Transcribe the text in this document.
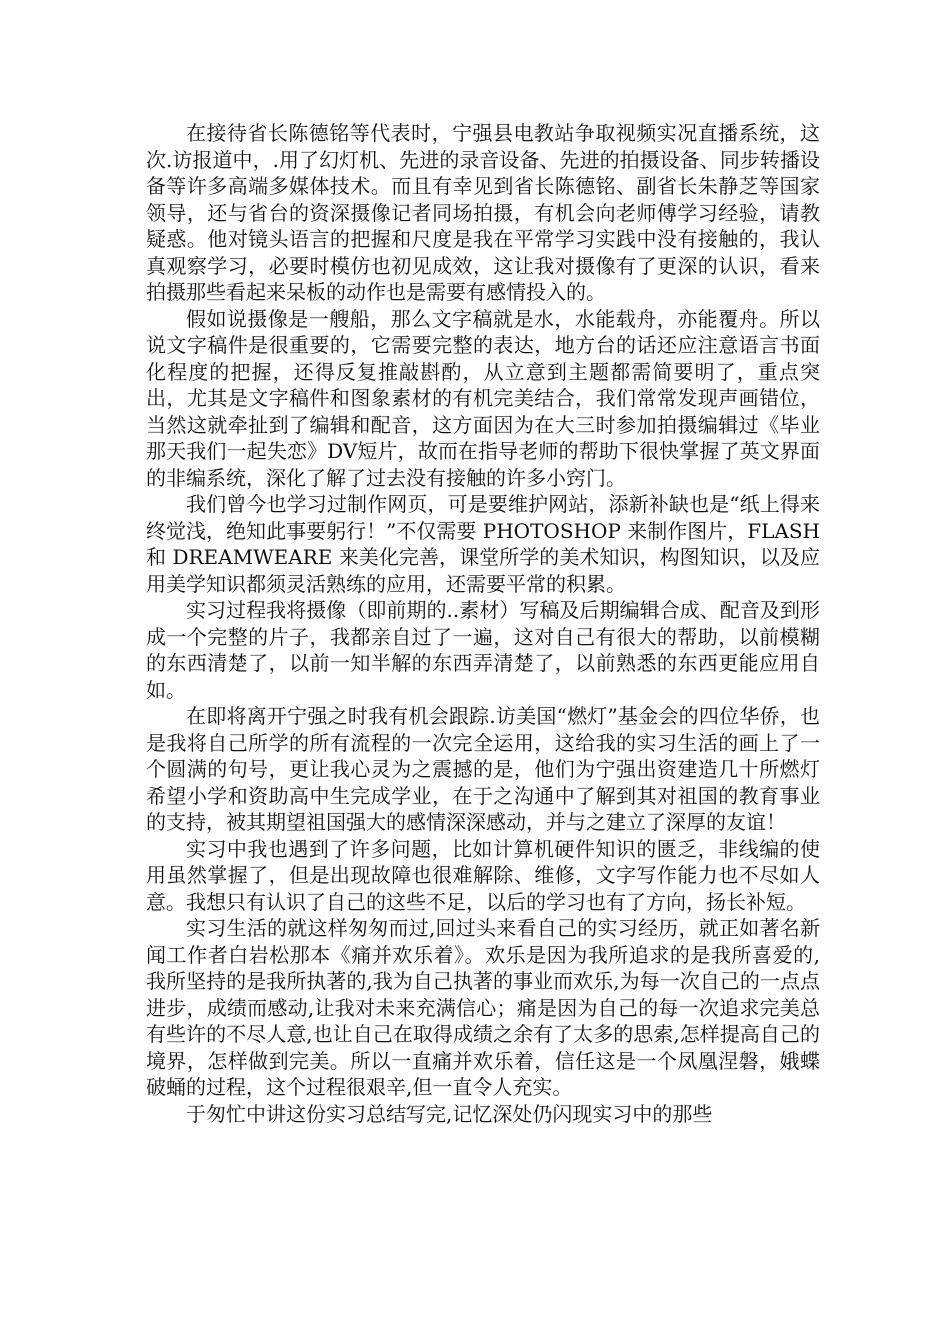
在接待省长陈德铭等代表时，宁强县电教站争取视频实况直播系统，这次.访报道中，.用了幻灯机、先进的录音设备、先进的拍摄设备、同步转播设备等许多高端多媒体技术。而且有幸见到省长陈德铭、副省长朱静芝等国家领导，还与省台的资深摄像记者同场拍摄，有机会向老师傅学习经验，请教疑惑。他对镜头语言的把握和尺度是我在平常学习实践中没有接触的，我认真观察学习，必要时模仿也初见成效，这让我对摄像有了更深的认识，看来拍摄那些看起来呆板的动作也是需要有感情投入的。

假如说摄像是一艘船，那么文字稿就是水，水能载舟，亦能覆舟。所以说文字稿件是很重要的，它需要完整的表达，地方台的话还应注意语言书面化程度的把握，还得反复推敲斟酌，从立意到主题都需简要明了，重点突出，尤其是文字稿件和图象素材的有机完美结合，我们常常发现声画错位，当然这就牵扯到了编辑和配音，这方面因为在大三时参加拍摄编辑过《毕业那天我们一起失恋》DV短片，故而在指导老师的帮助下很快掌握了英文界面的非编系统，深化了解了过去没有接触的许多小窍门。

我们曾今也学习过制作网页，可是要维护网站，添新补缺也是“纸上得来终觉浅，绝知此事要躬行！”不仅需要 PHOTOSHOP 来制作图片，FLASH 和 DREAMWEARE 来美化完善，课堂所学的美术知识，构图知识，以及应用美学知识都须灵活熟练的应用，还需要平常的积累。

实习过程我将摄像（即前期的..素材）写稿及后期编辑合成、配音及到形成一个完整的片子，我都亲自过了一遍，这对自己有很大的帮助，以前模糊的东西清楚了，以前一知半解的东西弄清楚了，以前熟悉的东西更能应用自如。

在即将离开宁强之时我有机会跟踪.访美国“燃灯”基金会的四位华侨，也是我将自己所学的所有流程的一次完全运用，这给我的实习生活的画上了一个圆满的句号，更让我心灵为之震撼的是，他们为宁强出资建造几十所燃灯希望小学和资助高中生完成学业，在于之沟通中了解到其对祖国的教育事业的支持，被其期望祖国强大的感情深深感动，并与之建立了深厚的友谊！

实习中我也遇到了许多问题，比如计算机硬件知识的匮乏，非线编的使用虽然掌握了，但是出现故障也很难解除、维修，文字写作能力也不尽如人意。我想只有认识了自己的这些不足，以后的学习也有了方向，扬长补短。

实习生活的就这样匆匆而过,回过头来看自己的实习经历，就正如著名新闻工作者白岩松那本《痛并欢乐着》。欢乐是因为我所追求的是我所喜爱的,我所坚持的是我所执著的,我为自己执著的事业而欢乐,为每一次自己的一点点进步，成绩而感动,让我对未来充满信心；痛是因为自己的每一次追求完美总有些许的不尽人意,也让自己在取得成绩之余有了太多的思索,怎样提高自己的境界，怎样做到完美。所以一直痛并欢乐着，信任这是一个凤凰涅磐，娥蝶破蛹的过程，这个过程很艰辛,但一直令人充实。

于匆忙中讲这份实习总结写完,记忆深处仍闪现实习中的那些
